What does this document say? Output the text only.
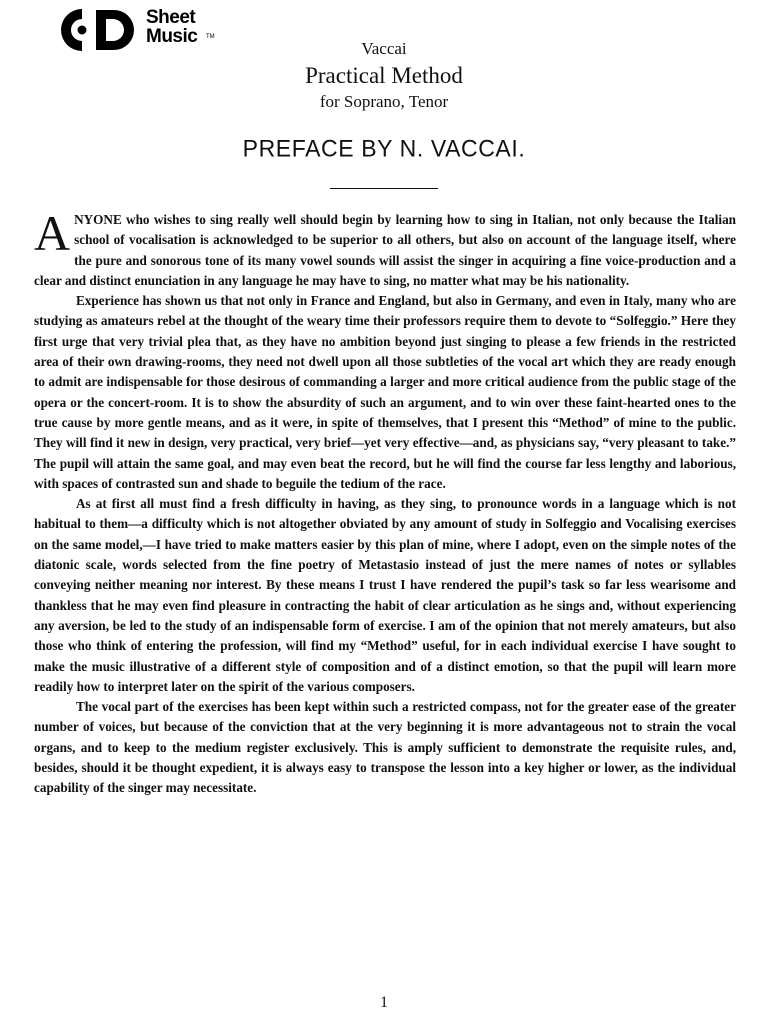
Sheet
Music TM
Vaccai
Practical Method
for Soprano, Tenor
PREFACE BY N. VACCAI.

ANYONE who wishes to sing really well should begin by learning how to sing in Italian, not only because the Italian school of vocalisation is acknowledged to be superior to all others, but also on account of the language itself, where the pure and sonorous tone of its many vowel sounds will assist the singer in acquiring a fine voice-production and a clear and distinct enunciation in any language he may have to sing, no matter what may be his nationality.

Experience has shown us that not only in France and England, but also in Germany, and even in Italy, many who are studying as amateurs rebel at the thought of the weary time their professors require them to devote to “Solfeggio.” Here they first urge that very trivial plea that, as they have no ambition beyond just singing to please a few friends in the restricted area of their own drawing-rooms, they need not dwell upon all those subtleties of the vocal art which they are ready enough to admit are indispensable for those desirous of commanding a larger and more critical audience from the public stage of the opera or the concert-room. It is to show the absurdity of such an argument, and to win over these faint-hearted ones to the true cause by more gentle means, and as it were, in spite of themselves, that I present this “Method” of mine to the public. They will find it new in design, very practical, very brief—yet very effective—and, as physicians say, “very pleasant to take.” The pupil will attain the same goal, and may even beat the record, but he will find the course far less lengthy and laborious, with spaces of contrasted sun and shade to beguile the tedium of the race.

As at first all must find a fresh difficulty in having, as they sing, to pronounce words in a language which is not habitual to them—a difficulty which is not altogether obviated by any amount of study in Solfeggio and Vocalising exercises on the same model,—I have tried to make matters easier by this plan of mine, where I adopt, even on the simple notes of the diatonic scale, words selected from the fine poetry of Metastasio instead of just the mere names of notes or syllables conveying neither meaning nor interest. By these means I trust I have rendered the pupil’s task so far less wearisome and thankless that he may even find pleasure in contracting the habit of clear articulation as he sings and, without experiencing any aversion, be led to the study of an indispensable form of exercise. I am of the opinion that not merely amateurs, but also those who think of entering the profession, will find my “Method” useful, for in each individual exercise I have sought to make the music illustrative of a different style of composition and of a distinct emotion, so that the pupil will learn more readily how to interpret later on the spirit of the various composers.

The vocal part of the exercises has been kept within such a restricted compass, not for the greater ease of the greater number of voices, but because of the conviction that at the very beginning it is more advantageous not to strain the vocal organs, and to keep to the medium register exclusively. This is amply sufficient to demonstrate the requisite rules, and, besides, should it be thought expedient, it is always easy to transpose the lesson into a key higher or lower, as the individual capability of the singer may necessitate.

1
